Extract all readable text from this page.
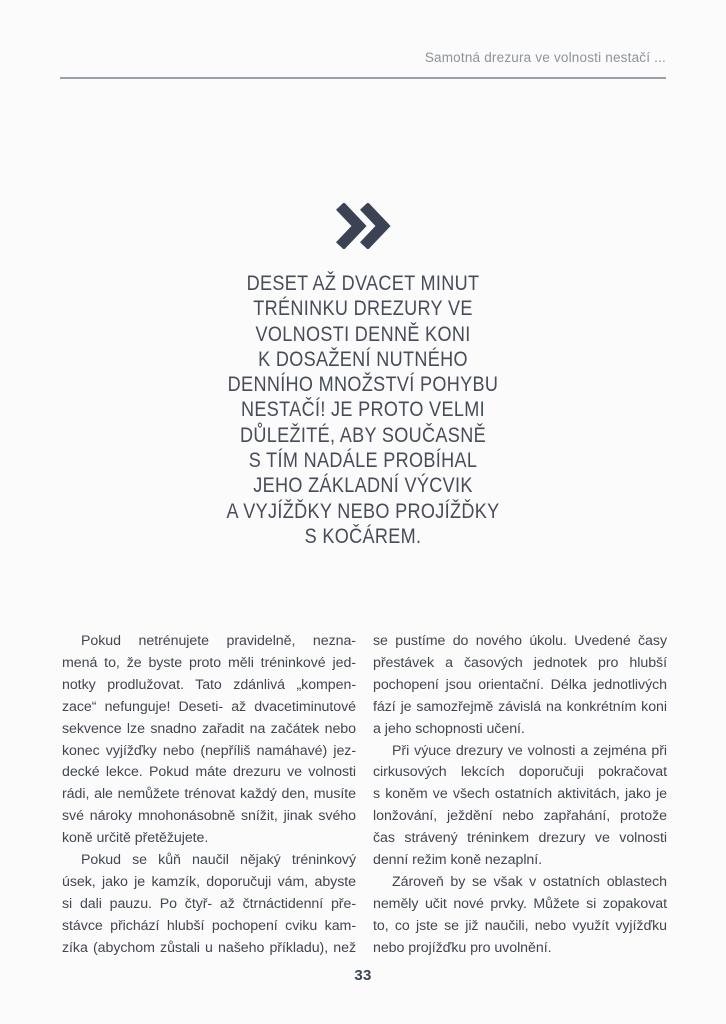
Samotná drezura ve volnosti nestačí ...
DESET AŽ DVACET MINUT
TRÉNINKU DREZURY VE
VOLNOSTI DENNĚ KONI
K DOSAŽENÍ NUTNÉHO
DENNÍHO MNOŽSTVÍ POHYBU
NESTAČÍ! JE PROTO VELMI
DŮLEŽITÉ, ABY SOUČASNĚ
S TÍM NADÁLE PROBÍHAL
JEHO ZÁKLADNÍ VÝCVIK
A VYJÍŽĎKY NEBO PROJÍŽĎKY
S KOČÁREM.
Pokud netrénujete pravidelně, nezna-
mená to, že byste proto měli tréninkové jed-
notky prodlužovat. Tato zdánlivá „kompen-
zace“ nefunguje! Deseti- až dvacetiminutové
sekvence lze snadno zařadit na začátek nebo
konec vyjížďky nebo (nepříliš namáhavé) jez-
decké lekce. Pokud máte drezuru ve volnosti
rádi, ale nemůžete trénovat každý den, musíte
své nároky mnohonásobně snížit, jinak svého
koně určitě přetěžujete.
Pokud se kůň naučil nějaký tréninkový
úsek, jako je kamzík, doporučuji vám, abyste
si dali pauzu. Po čtyř- až čtrnáctidenní pře-
stávce přichází hlubší pochopení cviku kam-
zíka (abychom zůstali u našeho příkladu), než
se pustíme do nového úkolu. Uvedené časy
přestávek a časových jednotek pro hlubší
pochopení jsou orientační. Délka jednotlivých
fází je samozřejmě závislá na konkrétním koni
a jeho schopnosti učení.
Při výuce drezury ve volnosti a zejména při
cirkusových lekcích doporučuji pokračovat
s koněm ve všech ostatních aktivitách, jako je
lonžování, ježdění nebo zapřahání, protože
čas strávený tréninkem drezury ve volnosti
denní režim koně nezaplní.
Zároveň by se však v ostatních oblastech
neměly učit nové prvky. Můžete si zopakovat
to, co jste se již naučili, nebo využít vyjížďku
nebo projížďku pro uvolnění.
33
